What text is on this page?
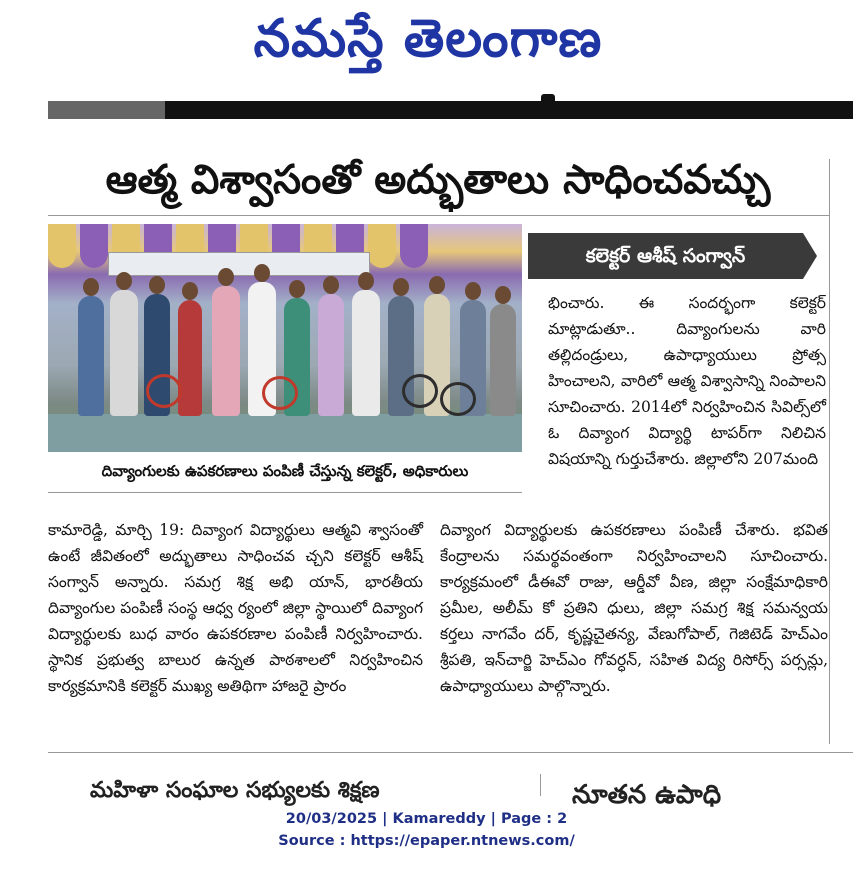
నమస్తే తెలంగాణ
ఆత్మ విశ్వాసంతో అద్భుతాలు సాధించవచ్చు
కలెక్టర్ ఆశీష్ సంగ్వాన్
దివ్యాంగులకు ఉపకరణాలు పంపిణీ చేస్తున్న కలెక్టర్, అధికారులు

భించారు. ఈ సందర్భంగా కలెక్టర్ మాట్లాడుతూ.. దివ్యాంగులను వారి తల్లిదండ్రులు, ఉపాధ్యాయులు ప్రోత్స హించాలని, వారిలో ఆత్మ విశ్వాసాన్ని నింపాలని సూచించారు. 2014లో నిర్వహించిన సివిల్స్‌లో ఓ దివ్యాంగ విద్యార్థి టాపర్‌గా నిలిచిన విషయాన్ని గుర్తుచేశారు. జిల్లాలోని 207మంది

కామారెడ్డి, మార్చి 19: దివ్యాంగ విద్యార్థులు ఆత్మవి శ్వాసంతో ఉంటే జీవితంలో అద్భుతాలు సాధించవ చ్చని కలెక్టర్ ఆశీష్ సంగ్వాన్ అన్నారు. సమగ్ర శిక్ష అభి యాన్, భారతీయ దివ్యాంగుల పంపిణీ సంస్థ ఆధ్వ ర్యంలో జిల్లా స్థాయిలో దివ్యాంగ విద్యార్థులకు బుధ వారం ఉపకరణాల పంపిణీ నిర్వహించారు. స్థానిక ప్రభుత్వ బాలుర ఉన్నత పాఠశాలలో నిర్వహించిన కార్యక్రమానికి కలెక్టర్ ముఖ్య అతిథిగా హాజరై ప్రారం

దివ్యాంగ విద్యార్థులకు ఉపకరణాలు పంపిణీ చేశారు. భవిత కేంద్రాలను సమర్థవంతంగా నిర్వహించాలని సూచించారు. కార్యక్రమంలో డీఈవో రాజు, ఆర్డీవో వీణ, జిల్లా సంక్షేమాధికారి ప్రమీల, అలీమ్ కో ప్రతిని ధులు, జిల్లా సమగ్ర శిక్ష సమన్వయ కర్తలు నాగవేం దర్, కృష్ణచైతన్య, వేణుగోపాల్, గెజిటెడ్ హెచ్ఎం శ్రీపతి, ఇన్‌చార్జి హెచ్ఎం గోవర్ధన్, సహిత విద్య రిసోర్స్ పర్సన్లు, ఉపాధ్యాయులు పాల్గొన్నారు.

మహిళా సంఘాల సభ్యులకు శిక్షణ	నూతన ఉపాధి
20/03/2025 | Kamareddy | Page : 2
Source : https://epaper.ntnews.com/
